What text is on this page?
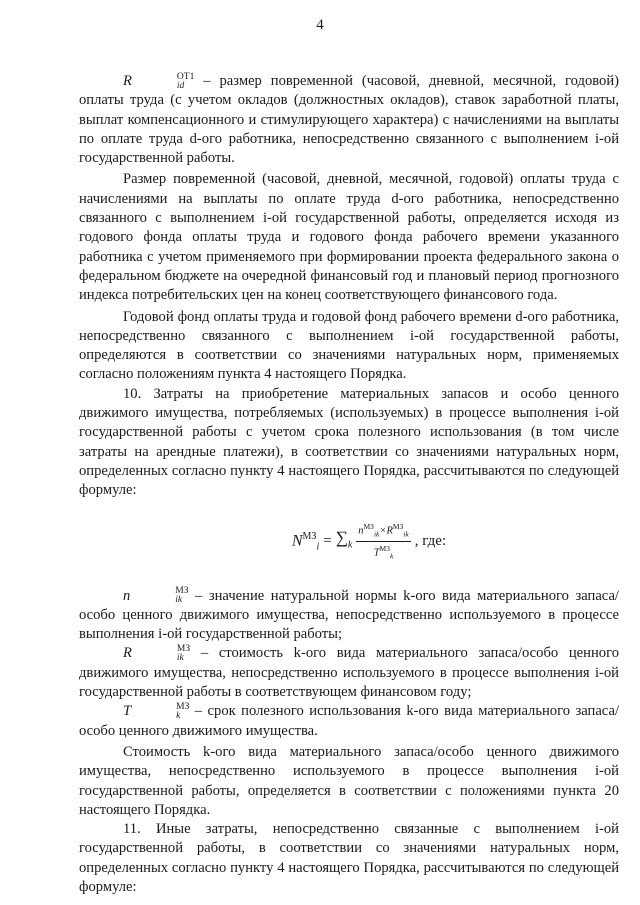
4

R	ОТ1
id – размер повременной (часовой, дневной, месячной, годовой) оплаты труда (с учетом окладов (должностных окладов), ставок заработной платы, выплат компенсационного и стимулирующего характера) с начислениями на выплаты по оплате труда d-ого работника, непосредственно связанного с выполнением i-ой государственной работы.

Размер повременной (часовой, дневной, месячной, годовой) оплаты труда с начислениями на выплаты по оплате труда d-ого работника, непосредственно связанного с выполнением i-ой государственной работы, определяется исходя из годового фонда оплаты труда и годового фонда рабочего времени указанного работника с учетом применяемого при формировании проекта федерального закона о федеральном бюджете на очередной финансовый год и плановый период прогнозного индекса потребительских цен на конец соответствующего финансового года.

Годовой фонд оплаты труда и годовой фонд рабочего времени d-ого работника, непосредственно связанного с выполнением i-ой государственной работы, определяются в соответствии со значениями натуральных норм, применяемых согласно положениям пункта 4 настоящего Порядка.

10. Затраты на приобретение материальных запасов и особо ценного движимого имущества, потребляемых (используемых) в процессе выполнения i-ой государственной работы с учетом срока полезного использования (в том числе затраты на арендные платежи), в соответствии со значениями натуральных норм, определенных согласно пункту 4 настоящего Порядка, рассчитываются по следующей формуле:

$N^{МЗ}_i = \sum_k \frac{n^{МЗ}_{ik}\times R^{МЗ}_{ik}}{T^{МЗ}_k}$ , где:

n	МЗ
ik – значение натуральной нормы k-ого вида материального запаса/особо ценного движимого имущества, непосредственно используемого в процессе выполнения i-ой государственной работы;

R	МЗ
ik – стоимость k-ого вида материального запаса/особо ценного движимого имущества, непосредственно используемого в процессе выполнения i-ой государственной работы в соответствующем финансовом году;

T	МЗ
k – срок полезного использования k-ого вида материального запаса/особо ценного движимого имущества.

Стоимость k-ого вида материального запаса/особо ценного движимого имущества, непосредственно используемого в процессе выполнения i-ой государственной работы, определяется в соответствии с положениями пункта 20 настоящего Порядка.

11. Иные затраты, непосредственно связанные с выполнением i-ой государственной работы, в соответствии со значениями натуральных норм, определенных согласно пункту 4 настоящего Порядка, рассчитываются по следующей формуле:
